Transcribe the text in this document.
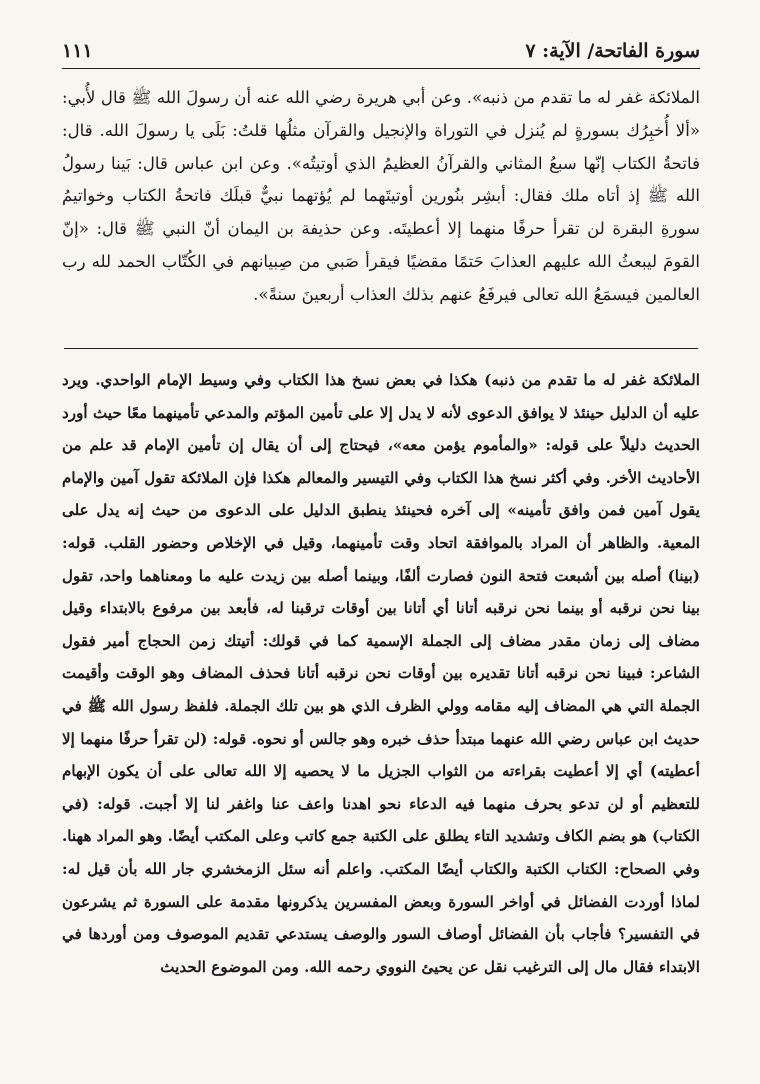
سورة الفاتحة/ الآية: ٧
١١١

الملائكة غفر له ما تقدم من ذنبه». وعن أبي هريرة رضي الله عنه أن رسولَ الله ﷺ قال لأُبي: «ألا أُخبِرُك بسورةٍ لم يُنزل في التوراة والإنجيل والقرآن مثلُها قلتُ: بَلَى يا رسولَ الله. قال: فاتحةُ الكتاب إنّها سبعُ المثاني والقرآنُ العظيمُ الذي أوتيتُه». وعن ابن عباس قال: بَينا رسولُ الله ﷺ إذ أتاه ملك فقال: أبشِر بنُورين أوتيتَهما لم يُؤتهما نبيٌّ قبلَك فاتحةُ الكتاب وخواتيمُ سورةِ البقرة لن تقرأ حرفًا منهما إلا أعطيتَه. وعن حذيفة بن اليمان أنّ النبي ﷺ قال: «إنّ القومَ ليبعثُ الله عليهم العذابَ حَتمًا مقضيًا فيقرأ صَبي من صِبيانهم في الكُتّاب الحمد لله رب العالمين فيسمَعُ الله تعالى فيرفَعُ عنهم بذلك العذاب أربعينَ سنةً».

الملائكة غفر له ما تقدم من ذنبه) هكذا في بعض نسخ هذا الكتاب وفي وسيط الإمام الواحدي. ويرد عليه أن الدليل حينئذ لا يوافق الدعوى لأنه لا يدل إلا على تأمين المؤتم والمدعي تأمينهما معًا حيث أورد الحديث دليلاً على قوله: «والمأموم يؤمن معه»، فيحتاج إلى أن يقال إن تأمين الإمام قد علم من الأحاديث الأخر. وفي أكثر نسخ هذا الكتاب وفي التيسير والمعالم هكذا فإن الملائكة تقول آمين والإمام يقول آمين فمن وافق تأمينه» إلى آخره فحينئذ ينطبق الدليل على الدعوى من حيث إنه يدل على المعية. والظاهر أن المراد بالموافقة اتحاد وقت تأمينهما، وقيل في الإخلاص وحضور القلب. قوله: (بينا) أصله بين أشبعت فتحة النون فصارت ألفًا، وبينما أصله بين زيدت عليه ما ومعناهما واحد، تقول بينا نحن نرقبه أو بينما نحن نرقبه أتانا أي أتانا بين أوقات ترقبنا له، فأبعد بين مرفوع بالابتداء وقيل مضاف إلى زمان مقدر مضاف إلى الجملة الإسمية كما في قولك: أتيتك زمن الحجاج أمير فقول الشاعر: فبينا نحن نرقبه أتانا تقديره بين أوقات نحن نرقبه أتانا فحذف المضاف وهو الوقت وأقيمت الجملة التي هي المضاف إليه مقامه وولي الظرف الذي هو بين تلك الجملة. فلفظ رسول الله ﷺ في حديث ابن عباس رضي الله عنهما مبتدأ حذف خبره وهو جالس أو نحوه. قوله: (لن تقرأ حرفًا منهما إلا أعطيته) أي إلا أعطيت بقراءته من الثواب الجزيل ما لا يحصيه إلا الله تعالى على أن يكون الإبهام للتعظيم أو لن تدعو بحرف منهما فيه الدعاء نحو اهدنا واعف عنا واغفر لنا إلا أجبت. قوله: (في الكتاب) هو بضم الكاف وتشديد التاء يطلق على الكتبة جمع كاتب وعلى المكتب أيضًا. وهو المراد ههنا. وفي الصحاح: الكتاب الكتبة والكتاب أيضًا المكتب. واعلم أنه سئل الزمخشري جار الله بأن قيل له: لماذا أوردت الفضائل في أواخر السورة وبعض المفسرين يذكرونها مقدمة على السورة ثم يشرعون في التفسير؟ فأجاب بأن الفضائل أوصاف السور والوصف يستدعي تقديم الموصوف ومن أوردها في الابتداء فقال مال إلى الترغيب نقل عن يحيئ النووي رحمه الله. ومن الموضوع الحديث
